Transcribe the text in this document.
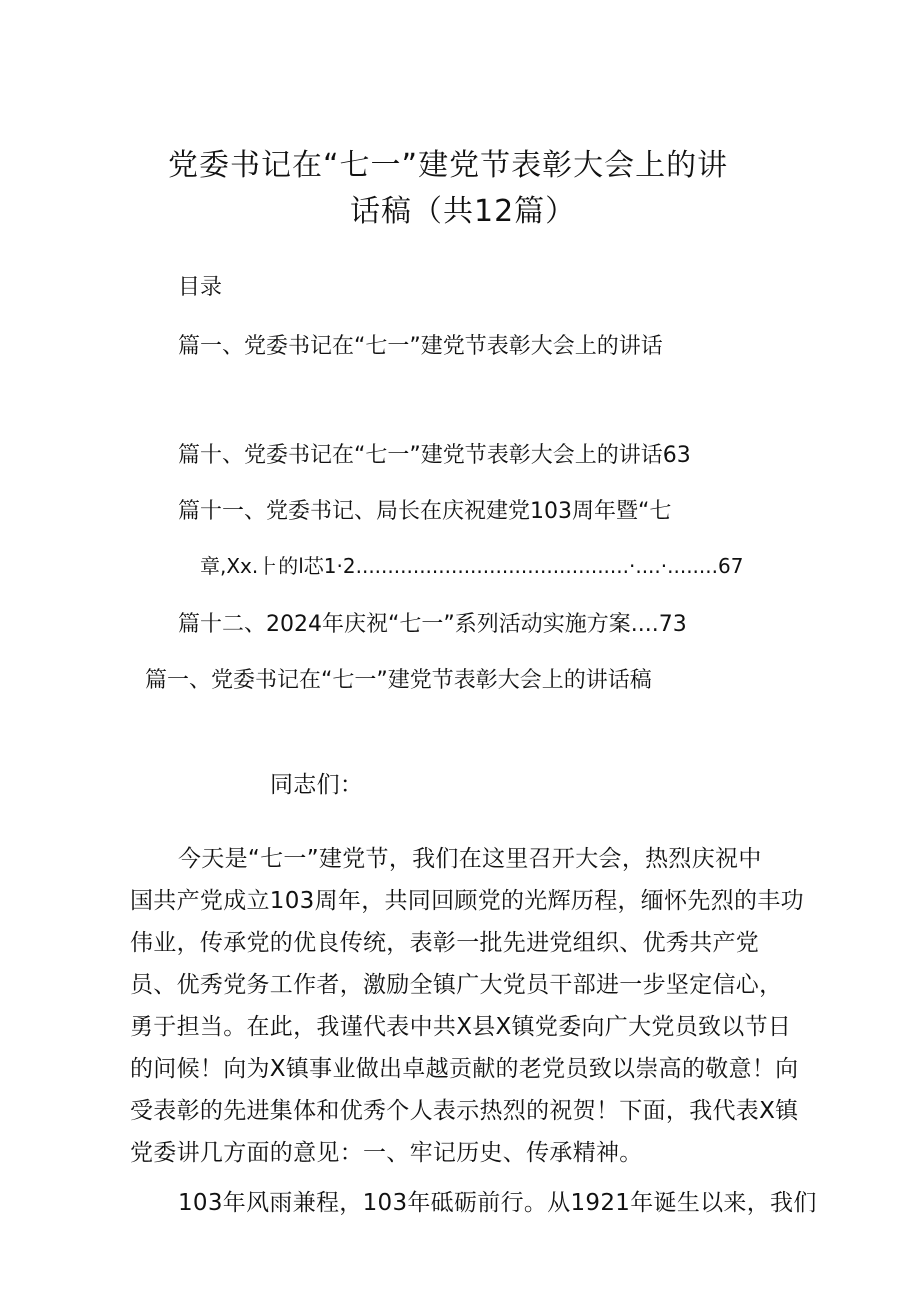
党委书记在“七一”建党节表彰大会上的讲
话稿（共12篇）
目录
篇一、党委书记在“七一”建党节表彰大会上的讲话
篇十、党委书记在“七一”建党节表彰大会上的讲话63
篇十一、党委书记、局长在庆祝建党103周年暨“七
章,Xx.⺊的l芯1·2...........................................·....·........67
篇十二、2024年庆祝“七一”系列活动实施方案....73
篇一、党委书记在“七一”建党节表彰大会上的讲话稿
同志们：
今天是“七一”建党节，我们在这里召开大会，热烈庆祝中
国共产党成立103周年，共同回顾党的光辉历程，缅怀先烈的丰功
伟业，传承党的优良传统，表彰一批先进党组织、优秀共产党
员、优秀党务工作者，激励全镇广大党员干部进一步坚定信心，
勇于担当。在此，我谨代表中共X县X镇党委向广大党员致以节日
的问候！向为X镇事业做出卓越贡献的老党员致以崇高的敬意！向
受表彰的先进集体和优秀个人表示热烈的祝贺！下面，我代表X镇
党委讲几方面的意见：一、牢记历史、传承精神。
103年风雨兼程，103年砥砺前行。从1921年诞生以来，我们
